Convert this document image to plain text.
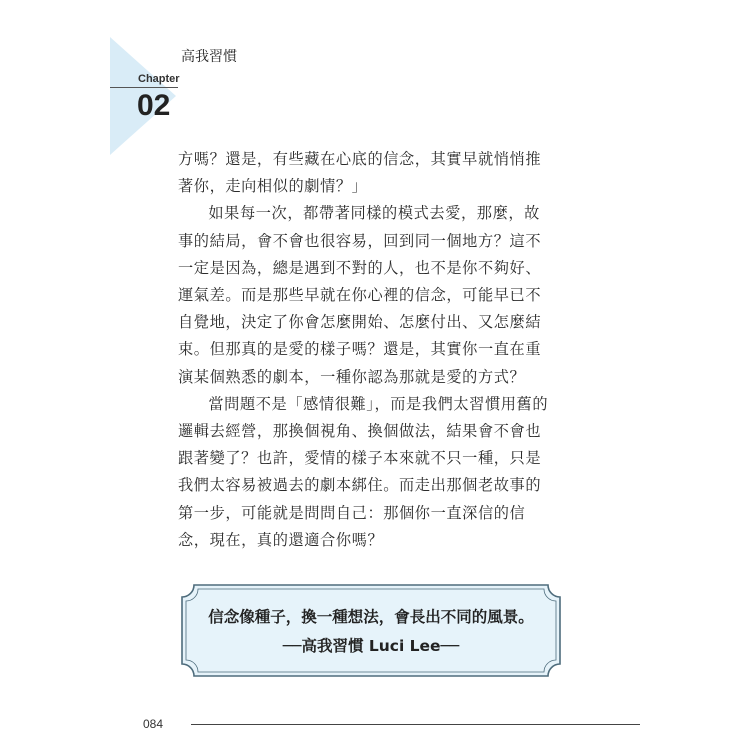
Chapter
02
高我習慣

方嗎？還是，有些藏在心底的信念，其實早就悄悄推著你，走向相似的劇情？」

如果每一次，都帶著同樣的模式去愛，那麼，故事的結局，會不會也很容易，回到同一個地方？這不一定是因為，總是遇到不對的人，也不是你不夠好、運氣差。而是那些早就在你心裡的信念，可能早已不自覺地，決定了你會怎麼開始、怎麼付出、又怎麼結束。但那真的是愛的樣子嗎？還是，其實你一直在重演某個熟悉的劇本，一種你認為那就是愛的方式？

當問題不是「感情很難」，而是我們太習慣用舊的邏輯去經營，那換個視角、換個做法，結果會不會也跟著變了？也許，愛情的樣子本來就不只一種，只是我們太容易被過去的劇本綁住。而走出那個老故事的第一步，可能就是問問自己：那個你一直深信的信念，現在，真的還適合你嗎？

信念像種子，換一種想法，會長出不同的風景。
──高我習慣 Luci Lee──
084
